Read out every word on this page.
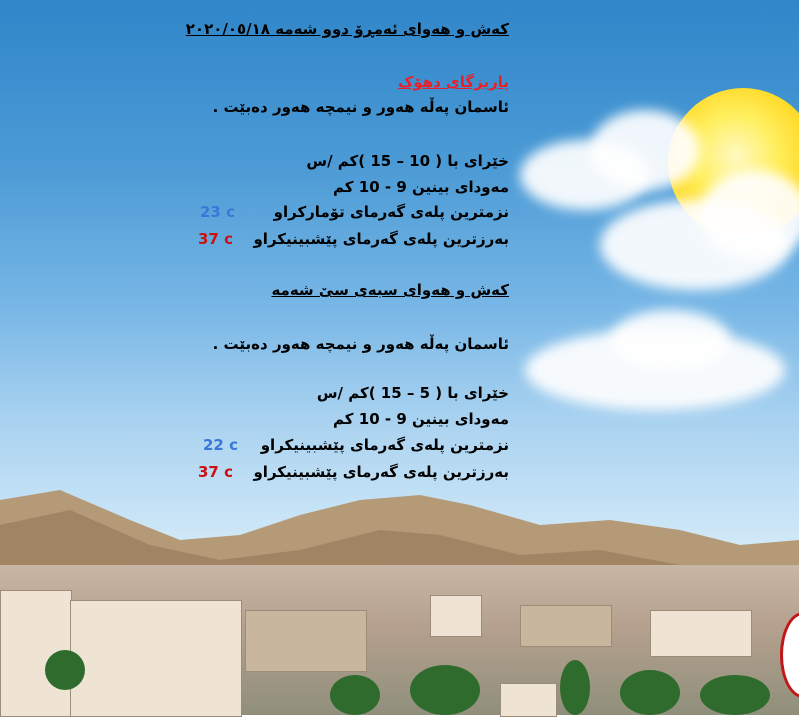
کەش و هەوای ئەمڕۆ دوو شەمە ٢٠٢٠/٠٥/١٨
پاریزگای دهۆک
ئاسمان پەڵە هەور و نیمچە هەور دەبێت .
خێرای با ( 10 – 15 )کم /س
مەودای بینین 9 - 10 کم
نزمترین پلەی گەرمای تۆمارکراو
23 c
بەرزترین پلەی گەرمای پێشبینیکراو
37 c
کەش و هەوای سبەی سێ شەمە
ئاسمان پەڵە هەور و نیمچە هەور دەبێت .
خێرای با ( 5 – 15 )کم /س
مەودای بینین 9 - 10 کم
نزمترین پلەی گەرمای پێشبینیکراو
22 c
بەرزترین پلەی گەرمای پێشبینیکراو
37 c
